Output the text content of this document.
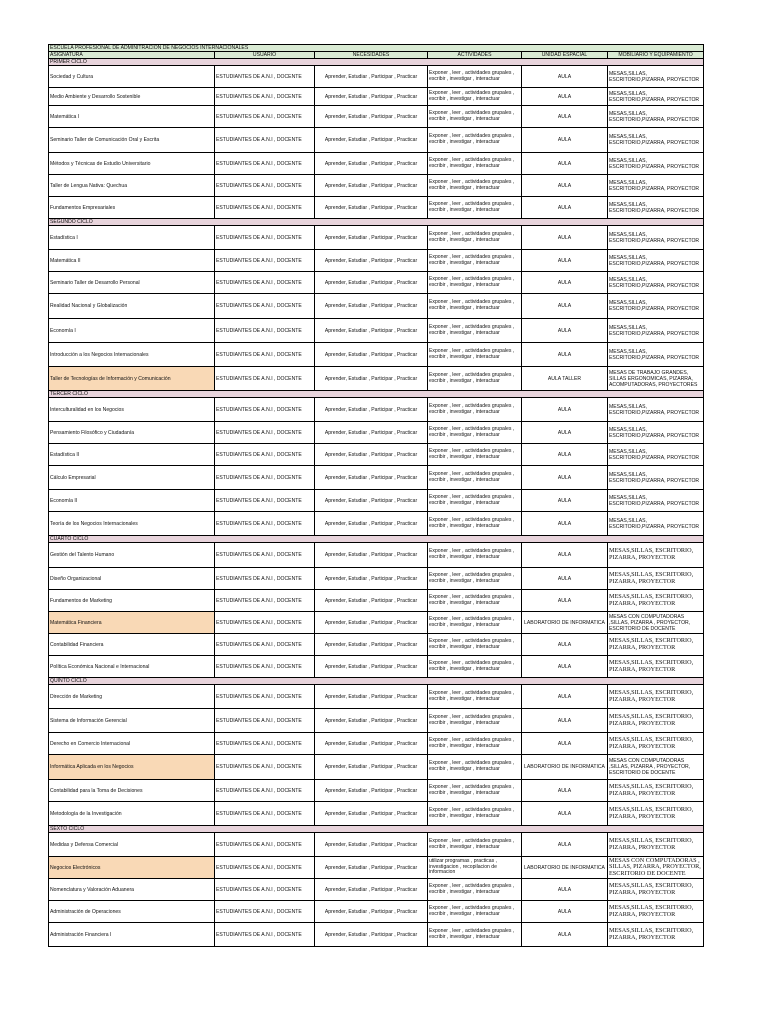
ESCUELA PROFESIONAL DE ADMINITRACION DE NEGOCIOS INTERNACIONALES					
ASIGNATURA	USUARIO	NECESIDADES	ACTIVIDADES	UNIDAD ESPACIAL	MOBILIARIO Y EQUIPAMIENTO
PRIMER CICLO					
Sociedad y Cultura	ESTUDIANTES DE A.N.I , DOCENTE	Aprender, Estudiar , Participar , Practicar	Exponer , leer , actividades grupales , escribir , investigar , interactuar	AULA	MESAS,SILLAS, ESCRITORIO,PIZARRA, PROYECTOR
Medio Ambiente y Desarrollo Sostenible	ESTUDIANTES DE A.N.I , DOCENTE	Aprender, Estudiar , Participar , Practicar	Exponer , leer , actividades grupales , escribir , investigar , interactuar	AULA	MESAS,SILLAS, ESCRITORIO,PIZARRA, PROYECTOR
Matemática I	ESTUDIANTES DE A.N.I , DOCENTE	Aprender, Estudiar , Participar , Practicar	Exponer , leer , actividades grupales , escribir , investigar , interactuar	AULA	MESAS,SILLAS, ESCRITORIO,PIZARRA, PROYECTOR
Seminario Taller de Comunicación Oral y Escrita	ESTUDIANTES DE A.N.I , DOCENTE	Aprender, Estudiar , Participar , Practicar	Exponer , leer , actividades grupales , escribir , investigar , interactuar	AULA	MESAS,SILLAS, ESCRITORIO,PIZARRA, PROYECTOR
Métodos y Técnicas de Estudio Universitario	ESTUDIANTES DE A.N.I , DOCENTE	Aprender, Estudiar , Participar , Practicar	Exponer , leer , actividades grupales , escribir , investigar , interactuar	AULA	MESAS,SILLAS, ESCRITORIO,PIZARRA, PROYECTOR
Taller de Lengua Nativa: Quechua	ESTUDIANTES DE A.N.I , DOCENTE	Aprender, Estudiar , Participar , Practicar	Exponer , leer , actividades grupales , escribir , investigar , interactuar	AULA	MESAS,SILLAS, ESCRITORIO,PIZARRA, PROYECTOR
Fundamentos Empresariales	ESTUDIANTES DE A.N.I , DOCENTE	Aprender, Estudiar , Participar , Practicar	Exponer , leer , actividades grupales , escribir , investigar , interactuar	AULA	MESAS,SILLAS, ESCRITORIO,PIZARRA, PROYECTOR
SEGUNDO CICLO					
Estadística I	ESTUDIANTES DE A.N.I , DOCENTE	Aprender, Estudiar , Participar , Practicar	Exponer , leer , actividades grupales , escribir , investigar , interactuar	AULA	MESAS,SILLAS, ESCRITORIO,PIZARRA, PROYECTOR
Matemática II	ESTUDIANTES DE A.N.I , DOCENTE	Aprender, Estudiar , Participar , Practicar	Exponer , leer , actividades grupales , escribir , investigar , interactuar	AULA	MESAS,SILLAS, ESCRITORIO,PIZARRA, PROYECTOR
Seminario Taller de Desarrollo Personal	ESTUDIANTES DE A.N.I , DOCENTE	Aprender, Estudiar , Participar , Practicar	Exponer , leer , actividades grupales , escribir , investigar , interactuar	AULA	MESAS,SILLAS, ESCRITORIO,PIZARRA, PROYECTOR
Realidad Nacional y Globalización	ESTUDIANTES DE A.N.I , DOCENTE	Aprender, Estudiar , Participar , Practicar	Exponer , leer , actividades grupales , escribir , investigar , interactuar	AULA	MESAS,SILLAS, ESCRITORIO,PIZARRA, PROYECTOR
Economía I	ESTUDIANTES DE A.N.I , DOCENTE	Aprender, Estudiar , Participar , Practicar	Exponer , leer , actividades grupales , escribir , investigar , interactuar	AULA	MESAS,SILLAS, ESCRITORIO,PIZARRA, PROYECTOR
Introducción a los Negocios Internacionales	ESTUDIANTES DE A.N.I , DOCENTE	Aprender, Estudiar , Participar , Practicar	Exponer , leer , actividades grupales , escribir , investigar , interactuar	AULA	MESAS,SILLAS, ESCRITORIO,PIZARRA, PROYECTOR
Taller de Tecnologías de Información y Comunicación	ESTUDIANTES DE A.N.I , DOCENTE	Aprender, Estudiar , Participar , Practicar	Exponer , leer , actividades grupales , escribir , investigar , interactuar	AULA TALLER	MESAS DE TRABAJO GRANDES, SILLAS ERGONOMICAS, PIZARRA, ACOMPUTADORAS, PROYECTORES
TERCER CICLO					
Interculturalidad en los Negocios	ESTUDIANTES DE A.N.I , DOCENTE	Aprender, Estudiar , Participar , Practicar	Exponer , leer , actividades grupales , escribir , investigar , interactuar	AULA	MESAS,SILLAS, ESCRITORIO,PIZARRA, PROYECTOR
Pensamiento Filosófico y Ciudadanía	ESTUDIANTES DE A.N.I , DOCENTE	Aprender, Estudiar , Participar , Practicar	Exponer , leer , actividades grupales , escribir , investigar , interactuar	AULA	MESAS,SILLAS, ESCRITORIO,PIZARRA, PROYECTOR
Estadística II	ESTUDIANTES DE A.N.I , DOCENTE	Aprender, Estudiar , Participar , Practicar	Exponer , leer , actividades grupales , escribir , investigar , interactuar	AULA	MESAS,SILLAS, ESCRITORIO,PIZARRA, PROYECTOR
Cálculo Empresarial	ESTUDIANTES DE A.N.I , DOCENTE	Aprender, Estudiar , Participar , Practicar	Exponer , leer , actividades grupales , escribir , investigar , interactuar	AULA	MESAS,SILLAS, ESCRITORIO,PIZARRA, PROYECTOR
Economía II	ESTUDIANTES DE A.N.I , DOCENTE	Aprender, Estudiar , Participar , Practicar	Exponer , leer , actividades grupales , escribir , investigar , interactuar	AULA	MESAS,SILLAS, ESCRITORIO,PIZARRA, PROYECTOR
Teoría de los Negocios Internacionales	ESTUDIANTES DE A.N.I , DOCENTE	Aprender, Estudiar , Participar , Practicar	Exponer , leer , actividades grupales , escribir , investigar , interactuar	AULA	MESAS,SILLAS, ESCRITORIO,PIZARRA, PROYECTOR
CUARTO CICLO					
Gestión del Talento Humano	ESTUDIANTES DE A.N.I , DOCENTE	Aprender, Estudiar , Participar , Practicar	Exponer , leer , actividades grupales , escribir , investigar , interactuar	AULA	MESAS,SILLAS, ESCRITORIO, PIZARRA, PROYECTOR
Diseño Organizacional	ESTUDIANTES DE A.N.I , DOCENTE	Aprender, Estudiar , Participar , Practicar	Exponer , leer , actividades grupales , escribir , investigar , interactuar	AULA	MESAS,SILLAS, ESCRITORIO, PIZARRA, PROYECTOR
Fundamentos de Marketing	ESTUDIANTES DE A.N.I , DOCENTE	Aprender, Estudiar , Participar , Practicar	Exponer , leer , actividades grupales , escribir , investigar , interactuar	AULA	MESAS,SILLAS, ESCRITORIO, PIZARRA, PROYECTOR
Matemática Financiera	ESTUDIANTES DE A.N.I , DOCENTE	Aprender, Estudiar , Participar , Practicar	Exponer , leer , actividades grupales , escribir , investigar , interactuar	LABORATORIO DE INFORMATICA	MESAS CON COMPUTADORAS ,SILLAS, PIZARRA , PROYECTOR, ESCRITORIO DE DOCENTE
Contabilidad Financiera	ESTUDIANTES DE A.N.I , DOCENTE	Aprender, Estudiar , Participar , Practicar	Exponer , leer , actividades grupales , escribir , investigar , interactuar	AULA	MESAS,SILLAS, ESCRITORIO, PIZARRA, PROYECTOR
Política Económica Nacional e Internacional	ESTUDIANTES DE A.N.I , DOCENTE	Aprender, Estudiar , Participar , Practicar	Exponer , leer , actividades grupales , escribir , investigar , interactuar	AULA	MESAS,SILLAS, ESCRITORIO, PIZARRA, PROYECTOR
QUINTO CICLO					
Dirección de Marketing	ESTUDIANTES DE A.N.I , DOCENTE	Aprender, Estudiar , Participar , Practicar	Exponer , leer , actividades grupales , escribir , investigar , interactuar	AULA	MESAS,SILLAS, ESCRITORIO, PIZARRA, PROYECTOR
Sistema de Información Gerencial	ESTUDIANTES DE A.N.I , DOCENTE	Aprender, Estudiar , Participar , Practicar	Exponer , leer , actividades grupales , escribir , investigar , interactuar	AULA	MESAS,SILLAS, ESCRITORIO, PIZARRA, PROYECTOR
Derecho en Comercio Internacional	ESTUDIANTES DE A.N.I , DOCENTE	Aprender, Estudiar , Participar , Practicar	Exponer , leer , actividades grupales , escribir , investigar , interactuar	AULA	MESAS,SILLAS, ESCRITORIO, PIZARRA, PROYECTOR
Informática Aplicada en los Negocios	ESTUDIANTES DE A.N.I , DOCENTE	Aprender, Estudiar , Participar , Practicar	Exponer , leer , actividades grupales , escribir , investigar , interactuar	LABORATORIO DE INFORMATICA	MESAS CON COMPUTADORAS ,SILLAS, PIZARRA , PROYECTOR, ESCRITORIO DE DOCENTE
Contabilidad para la Toma de Decisiones	ESTUDIANTES DE A.N.I , DOCENTE	Aprender, Estudiar , Participar , Practicar	Exponer , leer , actividades grupales , escribir , investigar , interactuar	AULA	MESAS,SILLAS, ESCRITORIO, PIZARRA, PROYECTOR
Metodología de la Investigación	ESTUDIANTES DE A.N.I , DOCENTE	Aprender, Estudiar , Participar , Practicar	Exponer , leer , actividades grupales , escribir , investigar , interactuar	AULA	MESAS,SILLAS, ESCRITORIO, PIZARRA, PROYECTOR
SEXTO CICLO					
Medidas y Defensa Comercial	ESTUDIANTES DE A.N.I , DOCENTE	Aprender, Estudiar , Participar , Practicar	Exponer , leer , actividades grupales , escribir , investigar , interactuar	AULA	MESAS,SILLAS, ESCRITORIO, PIZARRA, PROYECTOR
Negocios Electrónicos	ESTUDIANTES DE A.N.I , DOCENTE	Aprender, Estudiar , Participar , Practicar	utilizar programas , practicas , investigacion , recopilacion de informacion	LABORATORIO DE INFORMATICA	MESAS CON COMPUTADORAS , SILLAS, PIZARRA, PROYECTOR, ESCRITORIO DE DOCENTE
Nomenclatura y Valoración Aduanera	ESTUDIANTES DE A.N.I , DOCENTE	Aprender, Estudiar , Participar , Practicar	Exponer , leer , actividades grupales , escribir , investigar , interactuar	AULA	MESAS,SILLAS, ESCRITORIO, PIZARRA, PROYECTOR
Administración de Operaciones	ESTUDIANTES DE A.N.I , DOCENTE	Aprender, Estudiar , Participar , Practicar	Exponer , leer , actividades grupales , escribir , investigar , interactuar	AULA	MESAS,SILLAS, ESCRITORIO, PIZARRA, PROYECTOR
Administración Financiera I	ESTUDIANTES DE A.N.I , DOCENTE	Aprender, Estudiar , Participar , Practicar	Exponer , leer , actividades grupales , escribir , investigar , interactuar	AULA	MESAS,SILLAS, ESCRITORIO, PIZARRA, PROYECTOR
